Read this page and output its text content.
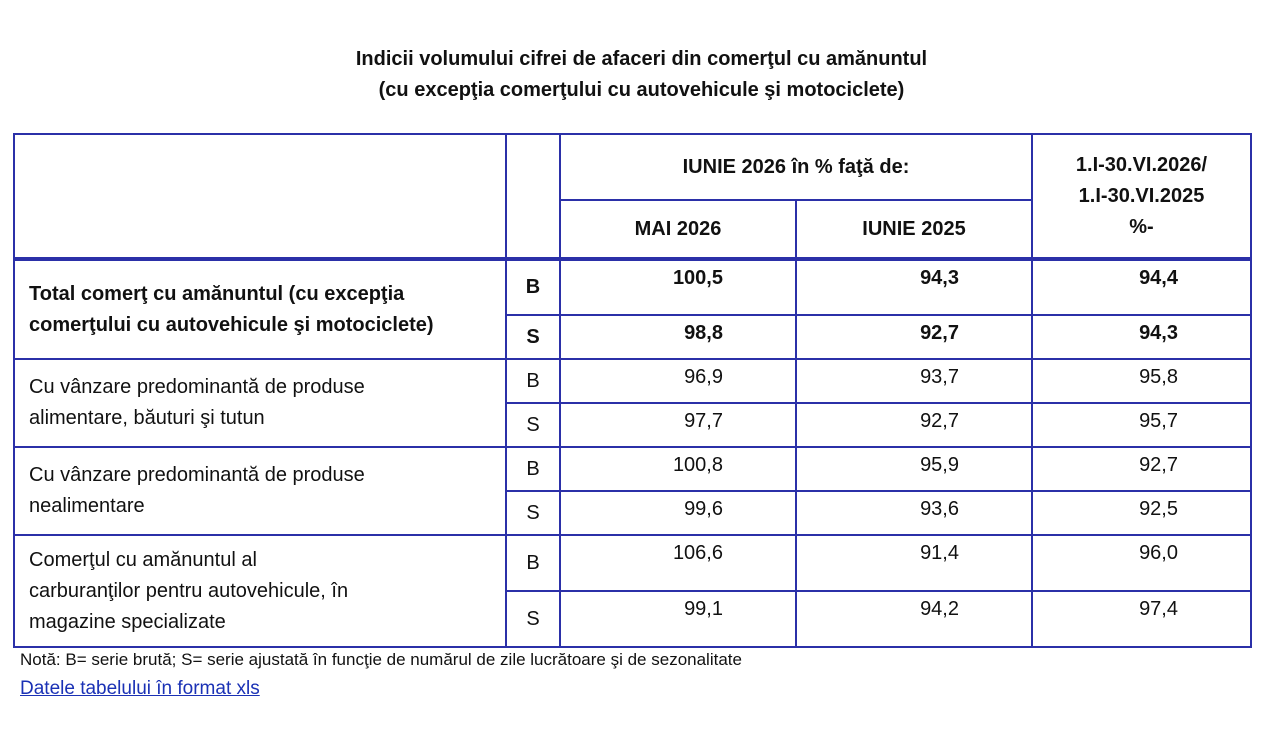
Indicii volumului cifrei de afaceri din comerţul cu amănuntul
(cu excepţia comerţului cu autovehicule şi motociclete)
		IUNIE 2026 în % faţă de:		1.I-30.VI.2026/
1.I-30.VI.2025
%-

		MAI 2026	IUNIE 2025	

Total comerţ cu amănuntul (cu excepţia
comerţului cu autovehicule şi motociclete)	B	100,5	94,3	94,4
	S	98,8	92,7	94,3

Cu vânzare predominantă de produse
alimentare, băuturi şi tutun	B	96,9	93,7	95,8
	S	97,7	92,7	95,7

Cu vânzare predominantă de produse
nealimentare	B	100,8	95,9	92,7
	S	99,6	93,6	92,5

Comerţul cu amănuntul al
carburanţilor pentru autovehicule, în
magazine specializate	B	106,6	91,4	96,0
	S	99,1	94,2	97,4
Notă: B= serie brută; S= serie ajustată în funcţie de numărul de zile lucrătoare şi de sezonalitate
Datele tabelului în format xls
